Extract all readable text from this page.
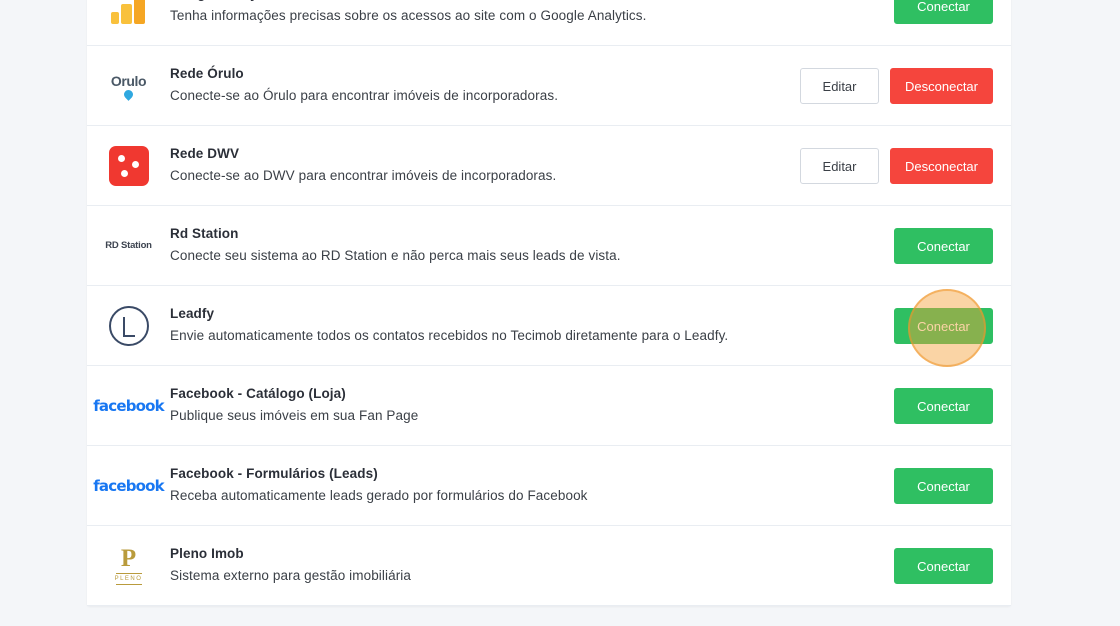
Tenha informações precisas sobre os acessos ao site com o Google Analytics.
Conectar
Orulo Rede Órulo
Conecte-se ao Órulo para encontrar imóveis de incorporadoras.
Editar	Desconectar
Rede DWV
Conecte-se ao DWV para encontrar imóveis de incorporadoras.
Editar	Desconectar
RD Station
Rd Station
Conecte seu sistema ao RD Station e não perca mais seus leads de vista.
Conectar
Leadfy
Envie automaticamente todos os contatos recebidos no Tecimob diretamente para o Leadfy.
Conectar
facebook
Facebook - Catálogo (Loja)
Publique seus imóveis em sua Fan Page
Conectar
facebook
Facebook - Formulários (Leads)
Receba automaticamente leads gerado por formulários do Facebook
Conectar
P
PLENO
Pleno Imob
Sistema externo para gestão imobiliária
Conectar
